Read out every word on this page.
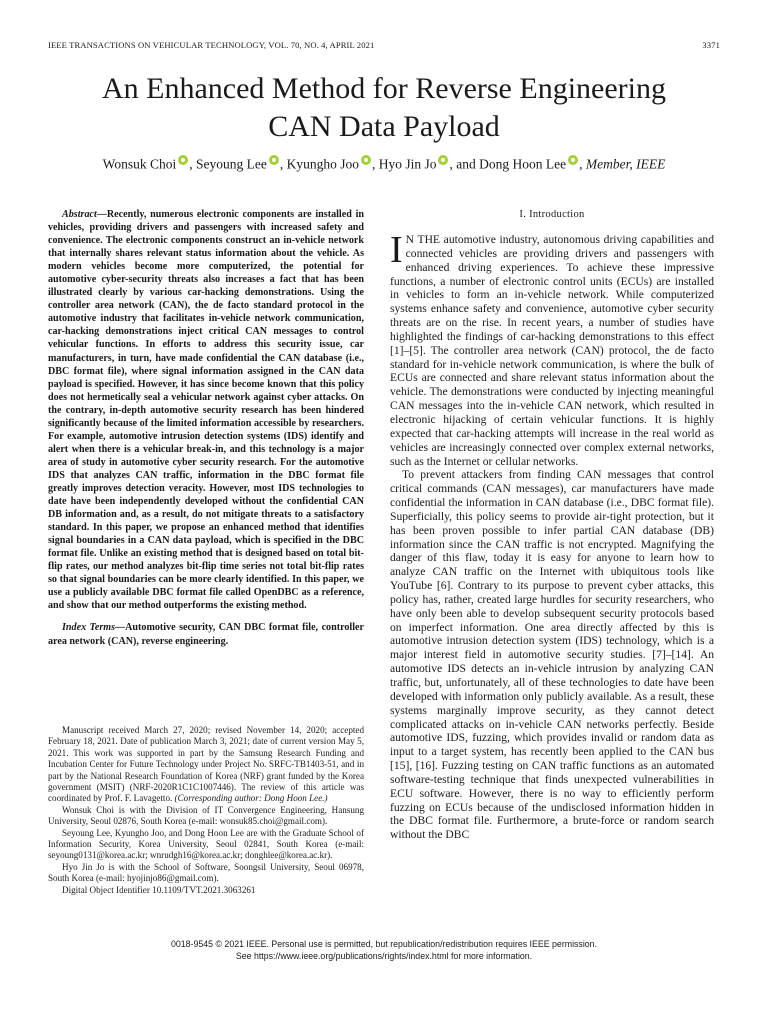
IEEE TRANSACTIONS ON VEHICULAR TECHNOLOGY, VOL. 70, NO. 4, APRIL 2021	3371
An Enhanced Method for Reverse Engineering
CAN Data Payload
Wonsuk Choi , Seyoung Lee , Kyungho Joo , Hyo Jin Jo , and Dong Hoon Lee , Member, IEEE

Abstract—Recently, numerous electronic components are installed in vehicles, providing drivers and passengers with increased safety and convenience. The electronic components construct an in-vehicle network that internally shares relevant status information about the vehicle. As modern vehicles become more computerized, the potential for automotive cyber-security threats also increases a fact that has been illustrated clearly by various car-hacking demonstrations. Using the controller area network (CAN), the de facto standard protocol in the automotive industry that facilitates in-vehicle network communication, car-hacking demonstrations inject critical CAN messages to control vehicular functions. In efforts to address this security issue, car manufacturers, in turn, have made confidential the CAN database (i.e., DBC format file), where signal information assigned in the CAN data payload is specified. However, it has since become known that this policy does not hermetically seal a vehicular network against cyber attacks. On the contrary, in-depth automotive security research has been hindered significantly because of the limited information accessible by researchers. For example, automotive intrusion detection systems (IDS) identify and alert when there is a vehicular break-in, and this technology is a major area of study in automotive cyber security research. For the automotive IDS that analyzes CAN traffic, information in the DBC format file greatly improves detection veracity. However, most IDS technologies to date have been independently developed without the confidential CAN DB information and, as a result, do not mitigate threats to a satisfactory standard. In this paper, we propose an enhanced method that identifies signal boundaries in a CAN data payload, which is specified in the DBC format file. Unlike an existing method that is designed based on total bit-flip rates, our method analyzes bit-flip time series not total bit-flip rates so that signal boundaries can be more clearly identified. In this paper, we use a publicly available DBC format file called OpenDBC as a reference, and show that our method outperforms the existing method.

Index Terms—Automotive security, CAN DBC format file, controller area network (CAN), reverse engineering.

Manuscript received March 27, 2020; revised November 14, 2020; accepted February 18, 2021. Date of publication March 3, 2021; date of current version May 5, 2021. This work was supported in part by the Samsung Research Funding and Incubation Center for Future Technology under Project No. SRFC-TB1403-51, and in part by the National Research Foundation of Korea (NRF) grant funded by the Korea government (MSIT) (NRF-2020R1C1C1007446). The review of this article was coordinated by Prof. F. Lavagetto. (Corresponding author: Dong Hoon Lee.)

Wonsuk Choi is with the Division of IT Convergence Engineering, Hansung University, Seoul 02876, South Korea (e-mail: wonsuk85.choi@gmail.com).

Seyoung Lee, Kyungho Joo, and Dong Hoon Lee are with the Graduate School of Information Security, Korea University, Seoul 02841, South Korea (e-mail: seyoung0131@korea.ac.kr; wnrudgh16@korea.ac.kr; donghlee@korea.ac.kr).

Hyo Jin Jo is with the School of Software, Soongsil University, Seoul 06978, South Korea (e-mail: hyojinjo86@gmail.com).

Digital Object Identifier 10.1109/TVT.2021.3063261

I. Introduction

I N THE automotive industry, autonomous driving capabilities and connected vehicles are providing drivers and passengers with enhanced driving experiences. To achieve these impressive functions, a number of electronic control units (ECUs) are installed in vehicles to form an in-vehicle network. While computerized systems enhance safety and convenience, automotive cyber security threats are on the rise. In recent years, a number of studies have highlighted the findings of car-hacking demonstrations to this effect [1]–[5]. The controller area network (CAN) protocol, the de facto standard for in-vehicle network communication, is where the bulk of ECUs are connected and share relevant status information about the vehicle. The demonstrations were conducted by injecting meaningful CAN messages into the in-vehicle CAN network, which resulted in electronic hijacking of certain vehicular functions. It is highly expected that car-hacking attempts will increase in the real world as vehicles are increasingly connected over complex external networks, such as the Internet or cellular networks.

To prevent attackers from finding CAN messages that control critical commands (CAN messages), car manufacturers have made confidential the information in CAN database (i.e., DBC format file). Superficially, this policy seems to provide air-tight protection, but it has been proven possible to infer partial CAN database (DB) information since the CAN traffic is not encrypted. Magnifying the danger of this flaw, today it is easy for anyone to learn how to analyze CAN traffic on the Internet with ubiquitous tools like YouTube [6]. Contrary to its purpose to prevent cyber attacks, this policy has, rather, created large hurdles for security researchers, who have only been able to develop subsequent security protocols based on imperfect information. One area directly affected by this is automotive intrusion detection system (IDS) technology, which is a major interest field in automotive security studies. [7]–[14]. An automotive IDS detects an in-vehicle intrusion by analyzing CAN traffic, but, unfortunately, all of these technologies to date have been developed with information only publicly available. As a result, these systems marginally improve security, as they cannot detect complicated attacks on in-vehicle CAN networks perfectly. Beside automotive IDS, fuzzing, which provides invalid or random data as input to a target system, has recently been applied to the CAN bus [15], [16]. Fuzzing testing on CAN traffic functions as an automated software-testing technique that finds unexpected vulnerabilities in ECU software. However, there is no way to efficiently perform fuzzing on ECUs because of the undisclosed information hidden in the DBC format file. Furthermore, a brute-force or random search without the DBC

0018-9545 © 2021 IEEE. Personal use is permitted, but republication/redistribution requires IEEE permission.
See https://www.ieee.org/publications/rights/index.html for more information.
